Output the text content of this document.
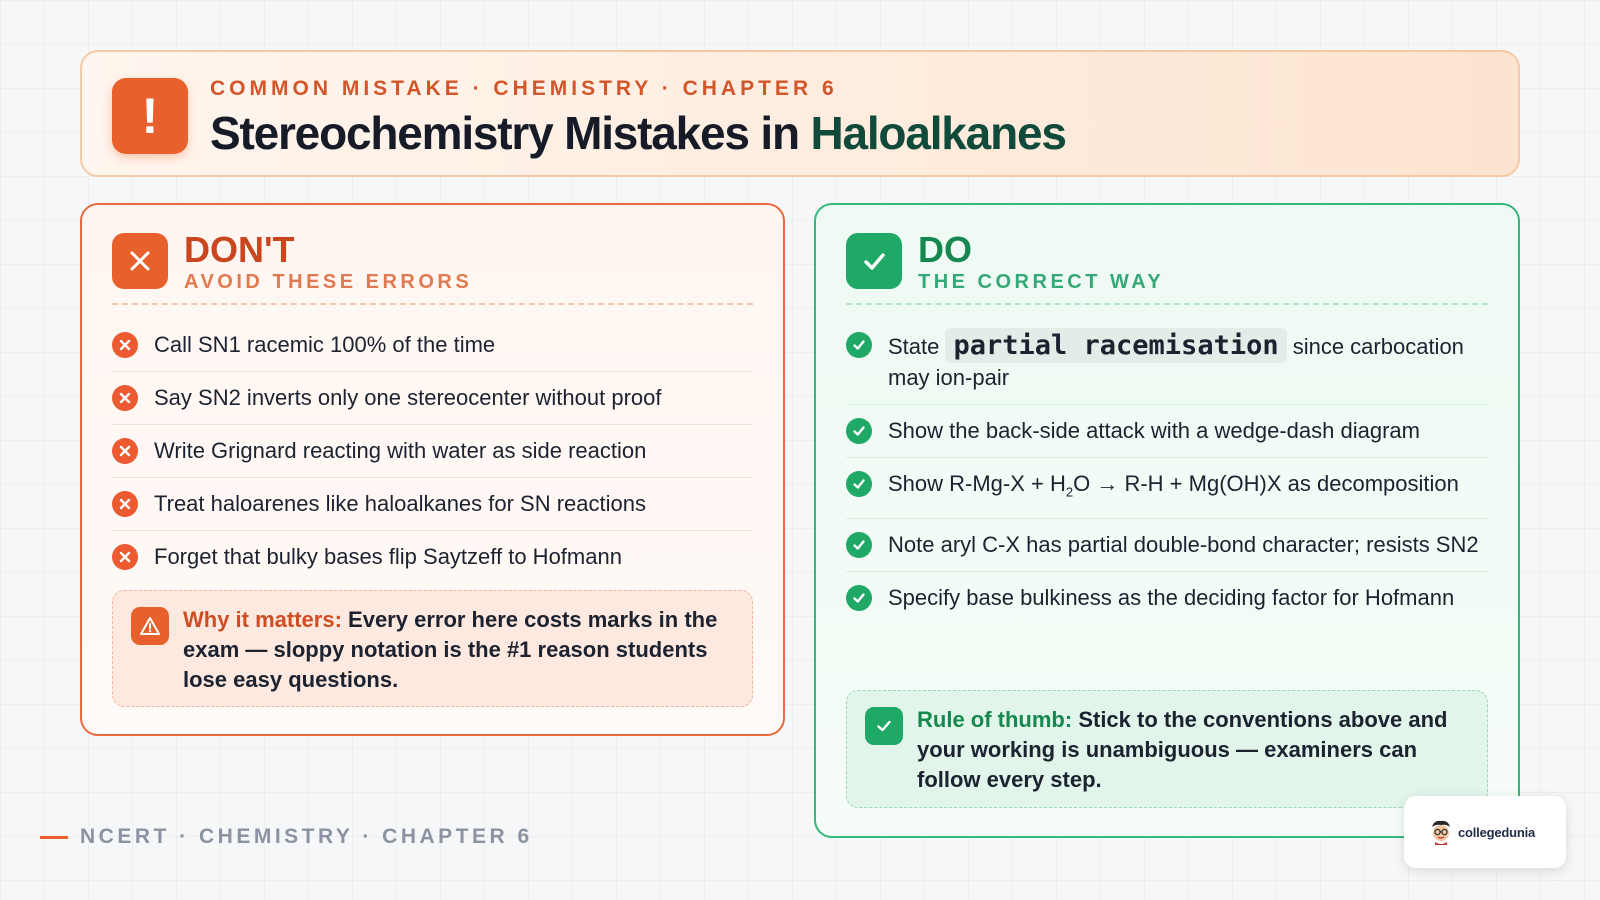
!	COMMON MISTAKE · CHEMISTRY · CHAPTER 6
Stereochemistry Mistakes in Haloalkanes
DON'T
AVOID THESE ERRORS
Call SN1 racemic 100% of the time
Say SN2 inverts only one stereocenter without proof
Write Grignard reacting with water as side reaction
Treat haloarenes like haloalkanes for SN reactions
Forget that bulky bases flip Saytzeff to Hofmann
Why it matters: Every error here costs marks in the exam — sloppy notation is the #1 reason students lose easy questions.
DO
THE CORRECT WAY
State partial racemisation since carbocation may ion-pair
Show the back-side attack with a wedge-dash diagram
Show $R-Mg-X + H_2O \to R-H + Mg(OH)X$ as decomposition
Note aryl C-X has partial double-bond character; resists SN2
Specify base bulkiness as the deciding factor for Hofmann
Rule of thumb: Stick to the conventions above and your working is unambiguous — examiners can follow every step.
NCERT · CHEMISTRY · CHAPTER 6	collegedunia
